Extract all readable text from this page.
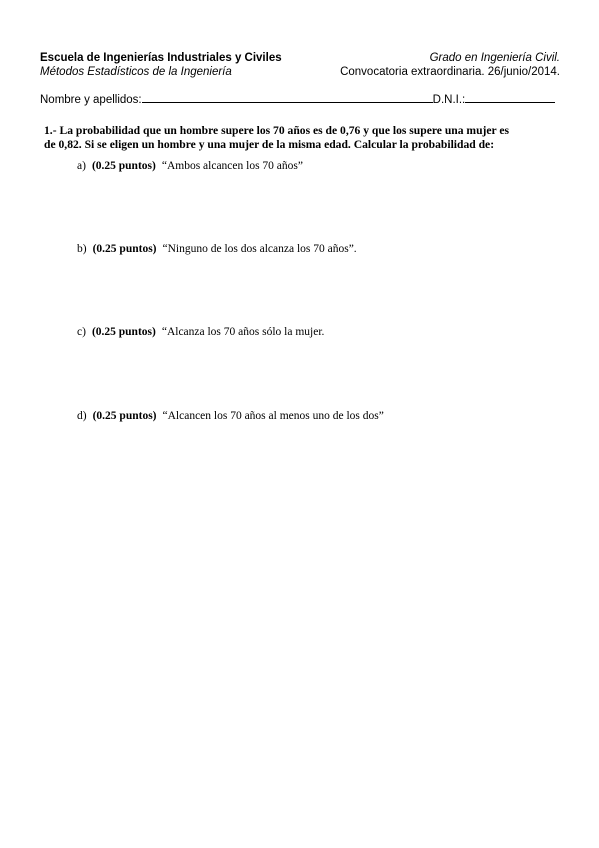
Escuela de Ingenierías Industriales y Civiles	Grado en Ingeniería Civil.
Métodos Estadísticos de la Ingeniería	Convocatoria extraordinaria. 26/junio/2014.
Nombre y apellidos:	D.N.I.:
1.- La probabilidad que un hombre supere los 70 años es de 0,76 y que los supere una mujer es
de 0,82. Si se eligen un hombre y una mujer de la misma edad. Calcular la probabilidad de:
a) (0.25 puntos) “Ambos alcancen los 70 años”
b) (0.25 puntos) “Ninguno de los dos alcanza los 70 años”.
c) (0.25 puntos) “Alcanza los 70 años sólo la mujer.
d) (0.25 puntos) “Alcancen los 70 años al menos uno de los dos”
